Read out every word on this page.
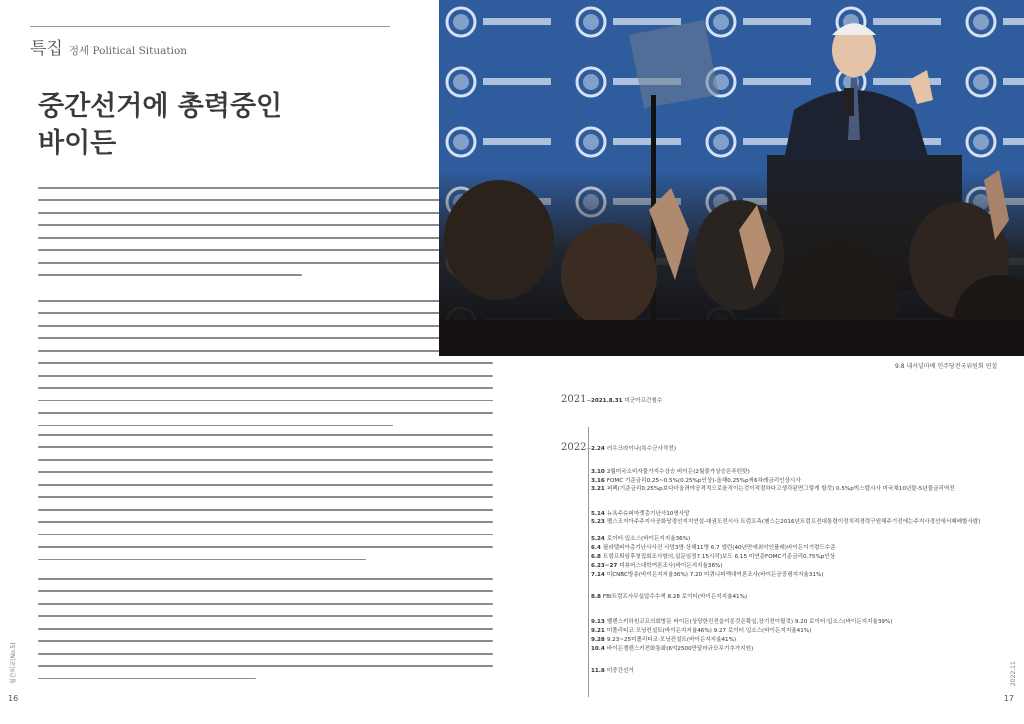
특집 정세 Political Situation
중간선거에 총력중인
바이든
월간외교(No.5)
16
9.8 내셔널마베 민주당전국위원회 연설
2021 2021.8.31 미군아프간철수
2022 2.24 러우크라이나(특수군사작전)
3.10 2월미국소비자물가지수상승 바이든(2월물가상승은푸틴탓)
3.16 FOMC 기준금리0.25~0.5%(0.25%p인상)-올해0.25%p씩6차례금리인상시사
3.21 퍼펙(기준금리0.25%p보다더올려야공격적으로움직이는것이적절하다고생각된면그렇게 할것) 0.5%p빅스텝시사 미국채10년물-5년물금리역전
5.14 뉴욕주슈퍼마켓총기난사10명사망
5.23 펠스조지아주주지사공화당경선지지연설-대권도전시사 트럼프측(펜스는2016년트럼프전대통령이정치적경력구원해주기전에는주지사경선에서패배할사람)
5.24 로이터·입소스(바이든지지율36%)
6.4 필라델피아총기난사사건 사망3명·상해11명 6.7 엘런(40년만에최악인플레)바이든이기령드수준
6.8 트럼프퇴임후첫집회조사함의,실문임정7.15시작)보도 6.15 미연준FOMC기준금리0.75%p인상
6.23~27 미뷰어스대학여론조사(바이든지지율36%)
7.14 미CNBC방송(바이든지지율36%) 7.20 미퀴니피액대여론조사(바이든공중평지지율31%)
8.8 FBI트럼프사무실압수수색 8.28 로이터(바이든지지율41%)
9.13 펠렌스키하원코프의회방문 바이든(상당한진전을이룬것은확실,장기전이될것) 9.20 로이터·입소스(바이든지지율39%)
9.21 미폴리티코·모닝컨설트(바이든지지율46%) 9.27 로이터·입소스(바이든지지율41%)
9.28 9.23~25미폴리티코·모닝컨설트(바이든지지율41%)
10.4 바이든젤렌스키전화통화(6억2500만달러규모무기추가지원)
11.8 미중간선거	2022.11
17
